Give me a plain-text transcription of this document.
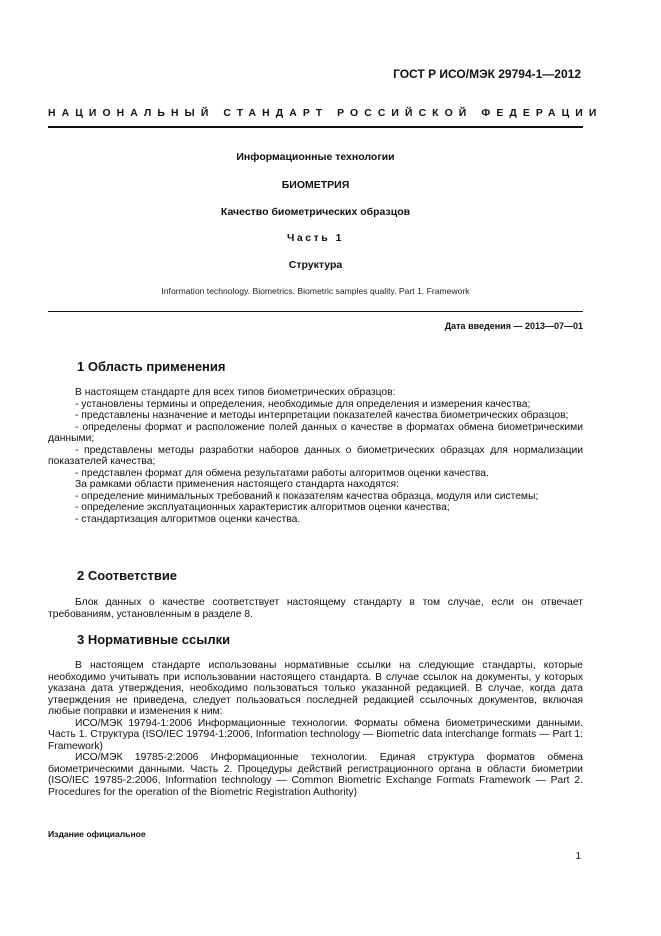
ГОСТ Р ИСО/МЭК 29794-1—2012
НАЦИОНАЛЬНЫЙ СТАНДАРТ РОССИЙСКОЙ ФЕДЕРАЦИИ
Информационные технологии
БИОМЕТРИЯ
Качество биометрических образцов
Часть 1
Структура
Information technology. Biometrics. Biometric samples quality. Part 1. Framework
Дата введения — 2013—07—01
1 Область применения

В настоящем стандарте для всех типов биометрических образцов:

- установлены термины и определения, необходимые для определения и измерения качества;

- представлены назначение и методы интерпретации показателей качества биометрических образцов;

- определены формат и расположение полей данных о качестве в форматах обмена биометрическими данными;

- представлены методы разработки наборов данных о биометрических образцах для нормализации показателей качества;

- представлен формат для обмена результатами работы алгоритмов оценки качества.

За рамками области применения настоящего стандарта находятся:

- определение минимальных требований к показателям качества образца, модуля или системы;

- определение эксплуатационных характеристик алгоритмов оценки качества;

- стандартизация алгоритмов оценки качества.

2 Соответствие

Блок данных о качестве соответствует настоящему стандарту в том случае, если он отвечает требованиям, установленным в разделе 8.

3 Нормативные ссылки

В настоящем стандарте использованы нормативные ссылки на следующие стандарты, которые необходимо учитывать при использовании настоящего стандарта. В случае ссылок на документы, у которых указана дата утверждения, необходимо пользоваться только указанной редакцией. В случае, когда дата утверждения не приведена, следует пользоваться последней редакцией ссылочных документов, включая любые поправки и изменения к ним:

ИСО/МЭК 19794-1:2006 Информационные технологии. Форматы обмена биометрическими данными. Часть 1. Структура (ISO/IEC 19794-1:2006, Information technology — Biometric data interchange formats — Part 1: Framework)

ИСО/МЭК 19785-2:2006 Информационные технологии. Единая структура форматов обмена биометрическими данными. Часть 2. Процедуры действий регистрационного органа в области биометрии (ISO/IEC 19785-2:2006, Information technology — Common Biometric Exchange Formats Framework — Part 2. Procedures for the operation of the Biometric Registration Authority)

Издание официальное
1
